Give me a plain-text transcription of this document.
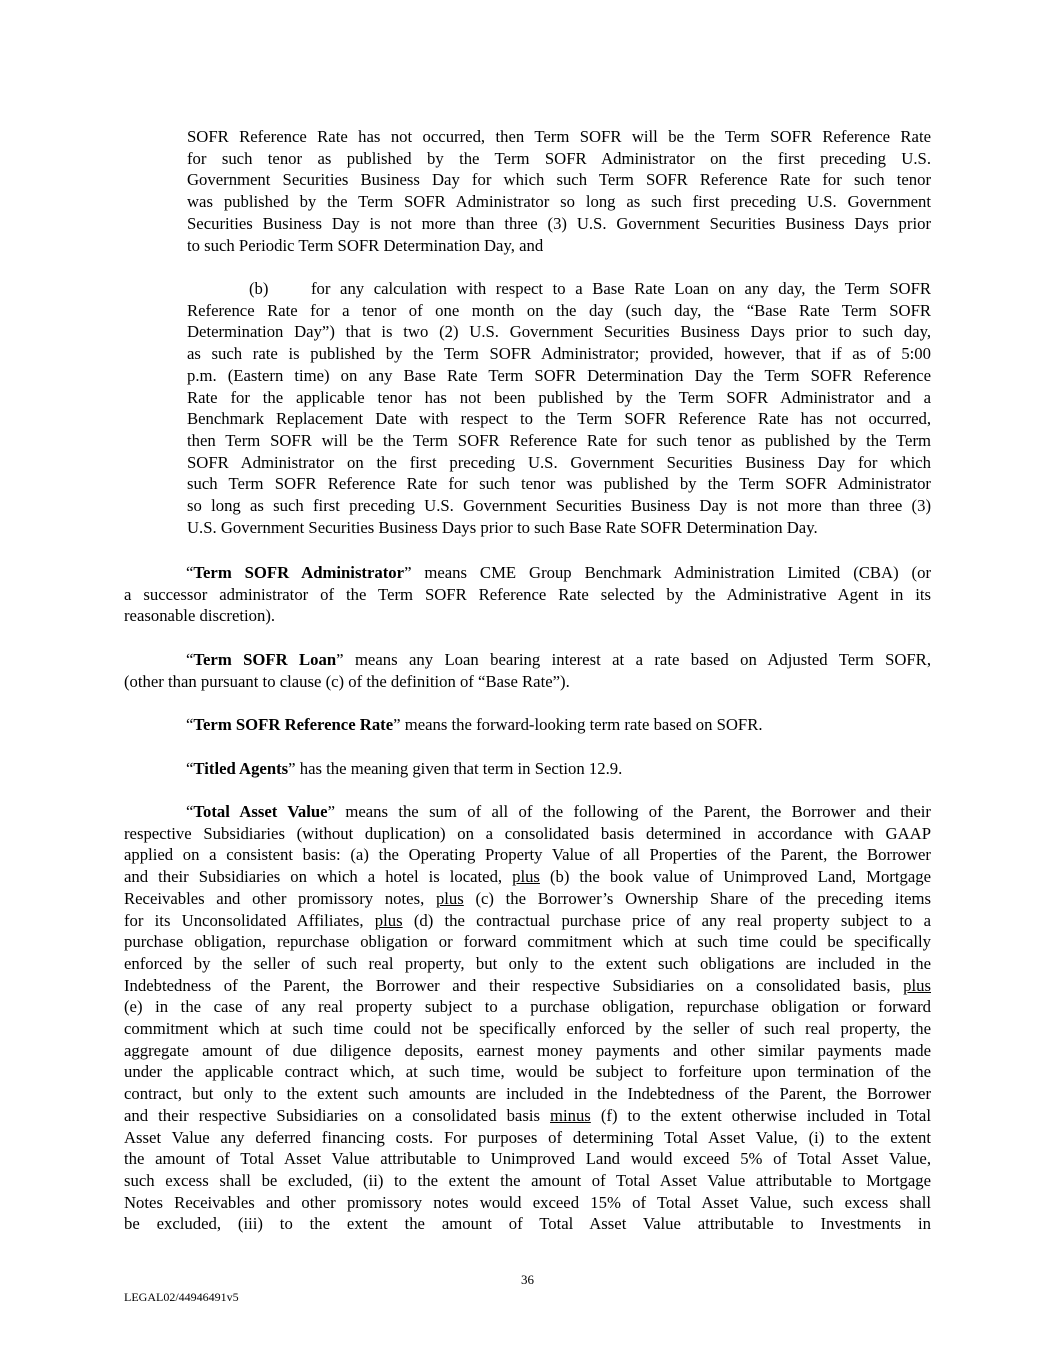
SOFR Reference Rate has not occurred, then Term SOFR will be the Term SOFR Reference Rate
for such tenor as published by the Term SOFR Administrator on the first preceding U.S.
Government Securities Business Day for which such Term SOFR Reference Rate for such tenor
was published by the Term SOFR Administrator so long as such first preceding U.S. Government
Securities Business Day is not more than three (3) U.S. Government Securities Business Days prior
to such Periodic Term SOFR Determination Day, and
(b)	for any calculation with respect to a Base Rate Loan on any day, the Term SOFR
Reference Rate for a tenor of one month on the day (such day, the “Base Rate Term SOFR
Determination Day”) that is two (2) U.S. Government Securities Business Days prior to such day,
as such rate is published by the Term SOFR Administrator; provided, however, that if as of 5:00
p.m. (Eastern time) on any Base Rate Term SOFR Determination Day the Term SOFR Reference
Rate for the applicable tenor has not been published by the Term SOFR Administrator and a
Benchmark Replacement Date with respect to the Term SOFR Reference Rate has not occurred,
then Term SOFR will be the Term SOFR Reference Rate for such tenor as published by the Term
SOFR Administrator on the first preceding U.S. Government Securities Business Day for which
such Term SOFR Reference Rate for such tenor was published by the Term SOFR Administrator
so long as such first preceding U.S. Government Securities Business Day is not more than three (3)
U.S. Government Securities Business Days prior to such Base Rate SOFR Determination Day.
“Term SOFR Administrator” means CME Group Benchmark Administration Limited (CBA) (or
a successor administrator of the Term SOFR Reference Rate selected by the Administrative Agent in its
reasonable discretion).
“Term SOFR Loan” means any Loan bearing interest at a rate based on Adjusted Term SOFR,
(other than pursuant to clause (c) of the definition of “Base Rate”).
“Term SOFR Reference Rate” means the forward-looking term rate based on SOFR.
“Titled Agents” has the meaning given that term in Section 12.9.
“Total Asset Value” means the sum of all of the following of the Parent, the Borrower and their
respective Subsidiaries (without duplication) on a consolidated basis determined in accordance with GAAP
applied on a consistent basis: (a) the Operating Property Value of all Properties of the Parent, the Borrower
and their Subsidiaries on which a hotel is located, plus (b) the book value of Unimproved Land, Mortgage
Receivables and other promissory notes, plus (c) the Borrower’s Ownership Share of the preceding items
for its Unconsolidated Affiliates, plus (d) the contractual purchase price of any real property subject to a
purchase obligation, repurchase obligation or forward commitment which at such time could be specifically
enforced by the seller of such real property, but only to the extent such obligations are included in the
Indebtedness of the Parent, the Borrower and their respective Subsidiaries on a consolidated basis, plus
(e) in the case of any real property subject to a purchase obligation, repurchase obligation or forward
commitment which at such time could not be specifically enforced by the seller of such real property, the
aggregate amount of due diligence deposits, earnest money payments and other similar payments made
under the applicable contract which, at such time, would be subject to forfeiture upon termination of the
contract, but only to the extent such amounts are included in the Indebtedness of the Parent, the Borrower
and their respective Subsidiaries on a consolidated basis minus (f) to the extent otherwise included in Total
Asset Value any deferred financing costs. For purposes of determining Total Asset Value, (i) to the extent
the amount of Total Asset Value attributable to Unimproved Land would exceed 5% of Total Asset Value,
such excess shall be excluded, (ii) to the extent the amount of Total Asset Value attributable to Mortgage
Notes Receivables and other promissory notes would exceed 15% of Total Asset Value, such excess shall
be excluded, (iii) to the extent the amount of Total Asset Value attributable to Investments in
36
LEGAL02/44946491v5
